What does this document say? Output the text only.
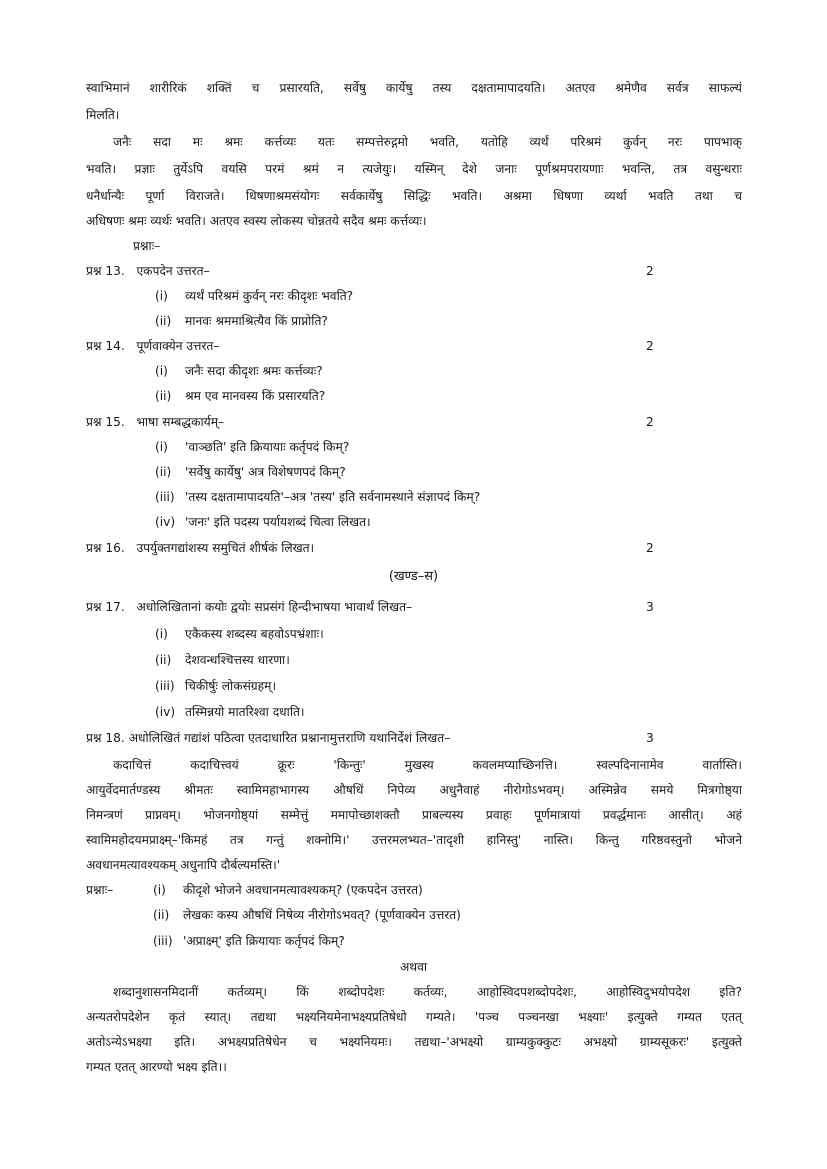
स्वाभिमानं शारीरिकं शक्तिं च प्रसारयति, सर्वेषु कार्येषु तस्य दक्षतामापादयति। अतएव श्रमेणैव सर्वत्र साफल्यं
मिलति।
जनैः सदा मः श्रमः कर्त्तव्यः यतः सम्पत्तेरुद्गमो भवति, यतोहि व्यर्थं परिश्रमं कुर्वन् नरः पापभाक्
भवति। प्रज्ञाः तुर्येऽपि वयसि परमं श्रमं न त्यजेयुः। यस्मिन् देशे जनाः पूर्णश्रमपरायणाः भवन्ति, तत्र वसुन्धराः
धनैर्धान्यैः पूर्णा विराजते। धिषणाश्रमसंयोगः सर्वकार्येषु सिद्धिः भवति। अश्रमा धिषणा व्यर्था भवति तथा च
अधिषणः श्रमः व्यर्थः भवति। अतएव स्वस्य लोकस्य चोन्नतये सदैव श्रमः कर्त्तव्यः।
प्रश्नाः–
प्रश्न 13. एकपदेन उत्तरत–	2
(i) व्यर्थं परिश्रमं कुर्वन् नरः कीदृशः भवति?
(ii) मानवः श्रममाश्रित्यैव किं प्राप्नोति?
प्रश्न 14. पूर्णवाक्येन उत्तरत–	2
(i) जनैः सदा कीदृशः श्रमः कर्त्तव्यः?
(ii) श्रम एव मानवस्य किं प्रसारयति?
प्रश्न 15. भाषा सम्बद्धकार्यम्–	2
(i) 'वाञ्छति' इति क्रियायाः कर्तृपदं किम्?
(ii) 'सर्वेषु कार्येषु' अत्र विशेषणपदं किम्?
(iii) 'तस्य दक्षतामापादयति'–अत्र 'तस्य' इति सर्वनामस्थाने संज्ञापदं किम्?
(iv) 'जनः' इति पदस्य पर्यायशब्दं चित्वा लिखत।
प्रश्न 16. उपर्युक्तगद्यांशस्य समुचितं शीर्षकं लिखत।	2
(खण्ड–स)
प्रश्न 17. अधोलिखितानां कयोः द्वयोः सप्रसंगं हिन्दीभाषया भावार्थं लिखत–	3
(i) एकैकस्य शब्दस्य बहवोऽपभ्रंशाः।
(ii) देशवन्धश्चित्तस्य धारणा।
(iii) चिकीर्षुः लोकसंग्रहम्।
(iv) तस्मिन्नयो मातरिश्वा दधाति।
प्रश्न 18. अधोलिखितं गद्यांशं पठित्वा एतदाधारित प्रश्नानामुत्तराणि यथानिर्देशं लिखत–	3
कदाचित्तं कदाचित्त्वयं क्रूरः 'किन्तुः' मुखस्य कवलमप्याच्छिनत्ति। स्वल्पदिनानामेव वार्तास्ति।
आयुर्वेदमार्तण्डस्य श्रीमतः स्वामिमहाभागस्य औषधिं निपेव्य अधुनैवाहं नीरोगोऽभवम्। अस्मिन्नेव समये मित्रगोष्ठ्या
निमन्त्रणं प्राप्नवम्। भोजनगोष्ठ्यां सम्मेत्तुं ममापोच्छाशक्तौ प्राबल्यस्य प्रवाहः पूर्णमात्रायां प्रवर्द्धमानः आसीत्। अहं
स्वामिमहोदयमप्राक्ष्म्–'किमहं तत्र गन्तुं शक्नोमि।' उत्तरमलभ्यत–'तादृशी हानिस्तु' नास्ति। किन्तु गरिष्ठवस्तुनो भोजने
अवधानमत्यावश्यकम् अधुनापि दौर्बल्यमस्ति।'
प्रश्नाः–	(i) कीदृशे भोजने अवधानमत्यावश्यकम्? (एकपदेन उत्तरत)
(ii) लेखकः कस्य औषधिं निषेव्य नीरोगोऽभवत्? (पूर्णवाक्येन उत्तरत)
(iii) 'अप्राक्ष्म्' इति क्रियायाः कर्तृपदं किम्?
अथवा
शब्दानुशासनमिदानीं कर्तव्यम्। किं शब्दोपदेशः कर्तव्यः, आहोस्विदपशब्दोपदेशः, आहोस्विदुभयोपदेश इति?
अन्यतरोपदेशेन कृतं स्यात्। तद्यथा भक्ष्यनियमेनाभक्ष्यप्रतिषेधो गम्यते। 'पञ्च पञ्चनखा भक्ष्याः' इत्युक्ते गम्यत एतत्
अतोऽन्येऽभक्ष्या इति। अभक्ष्यप्रतिषेधेन च भक्ष्यनियमः। तद्यथा–'अभक्ष्यो ग्राम्यकुक्कुटः अभक्ष्यो ग्राम्यसूकरः' इत्युक्ते
गम्यत एतत् आरण्यो भक्ष्य इति।।
